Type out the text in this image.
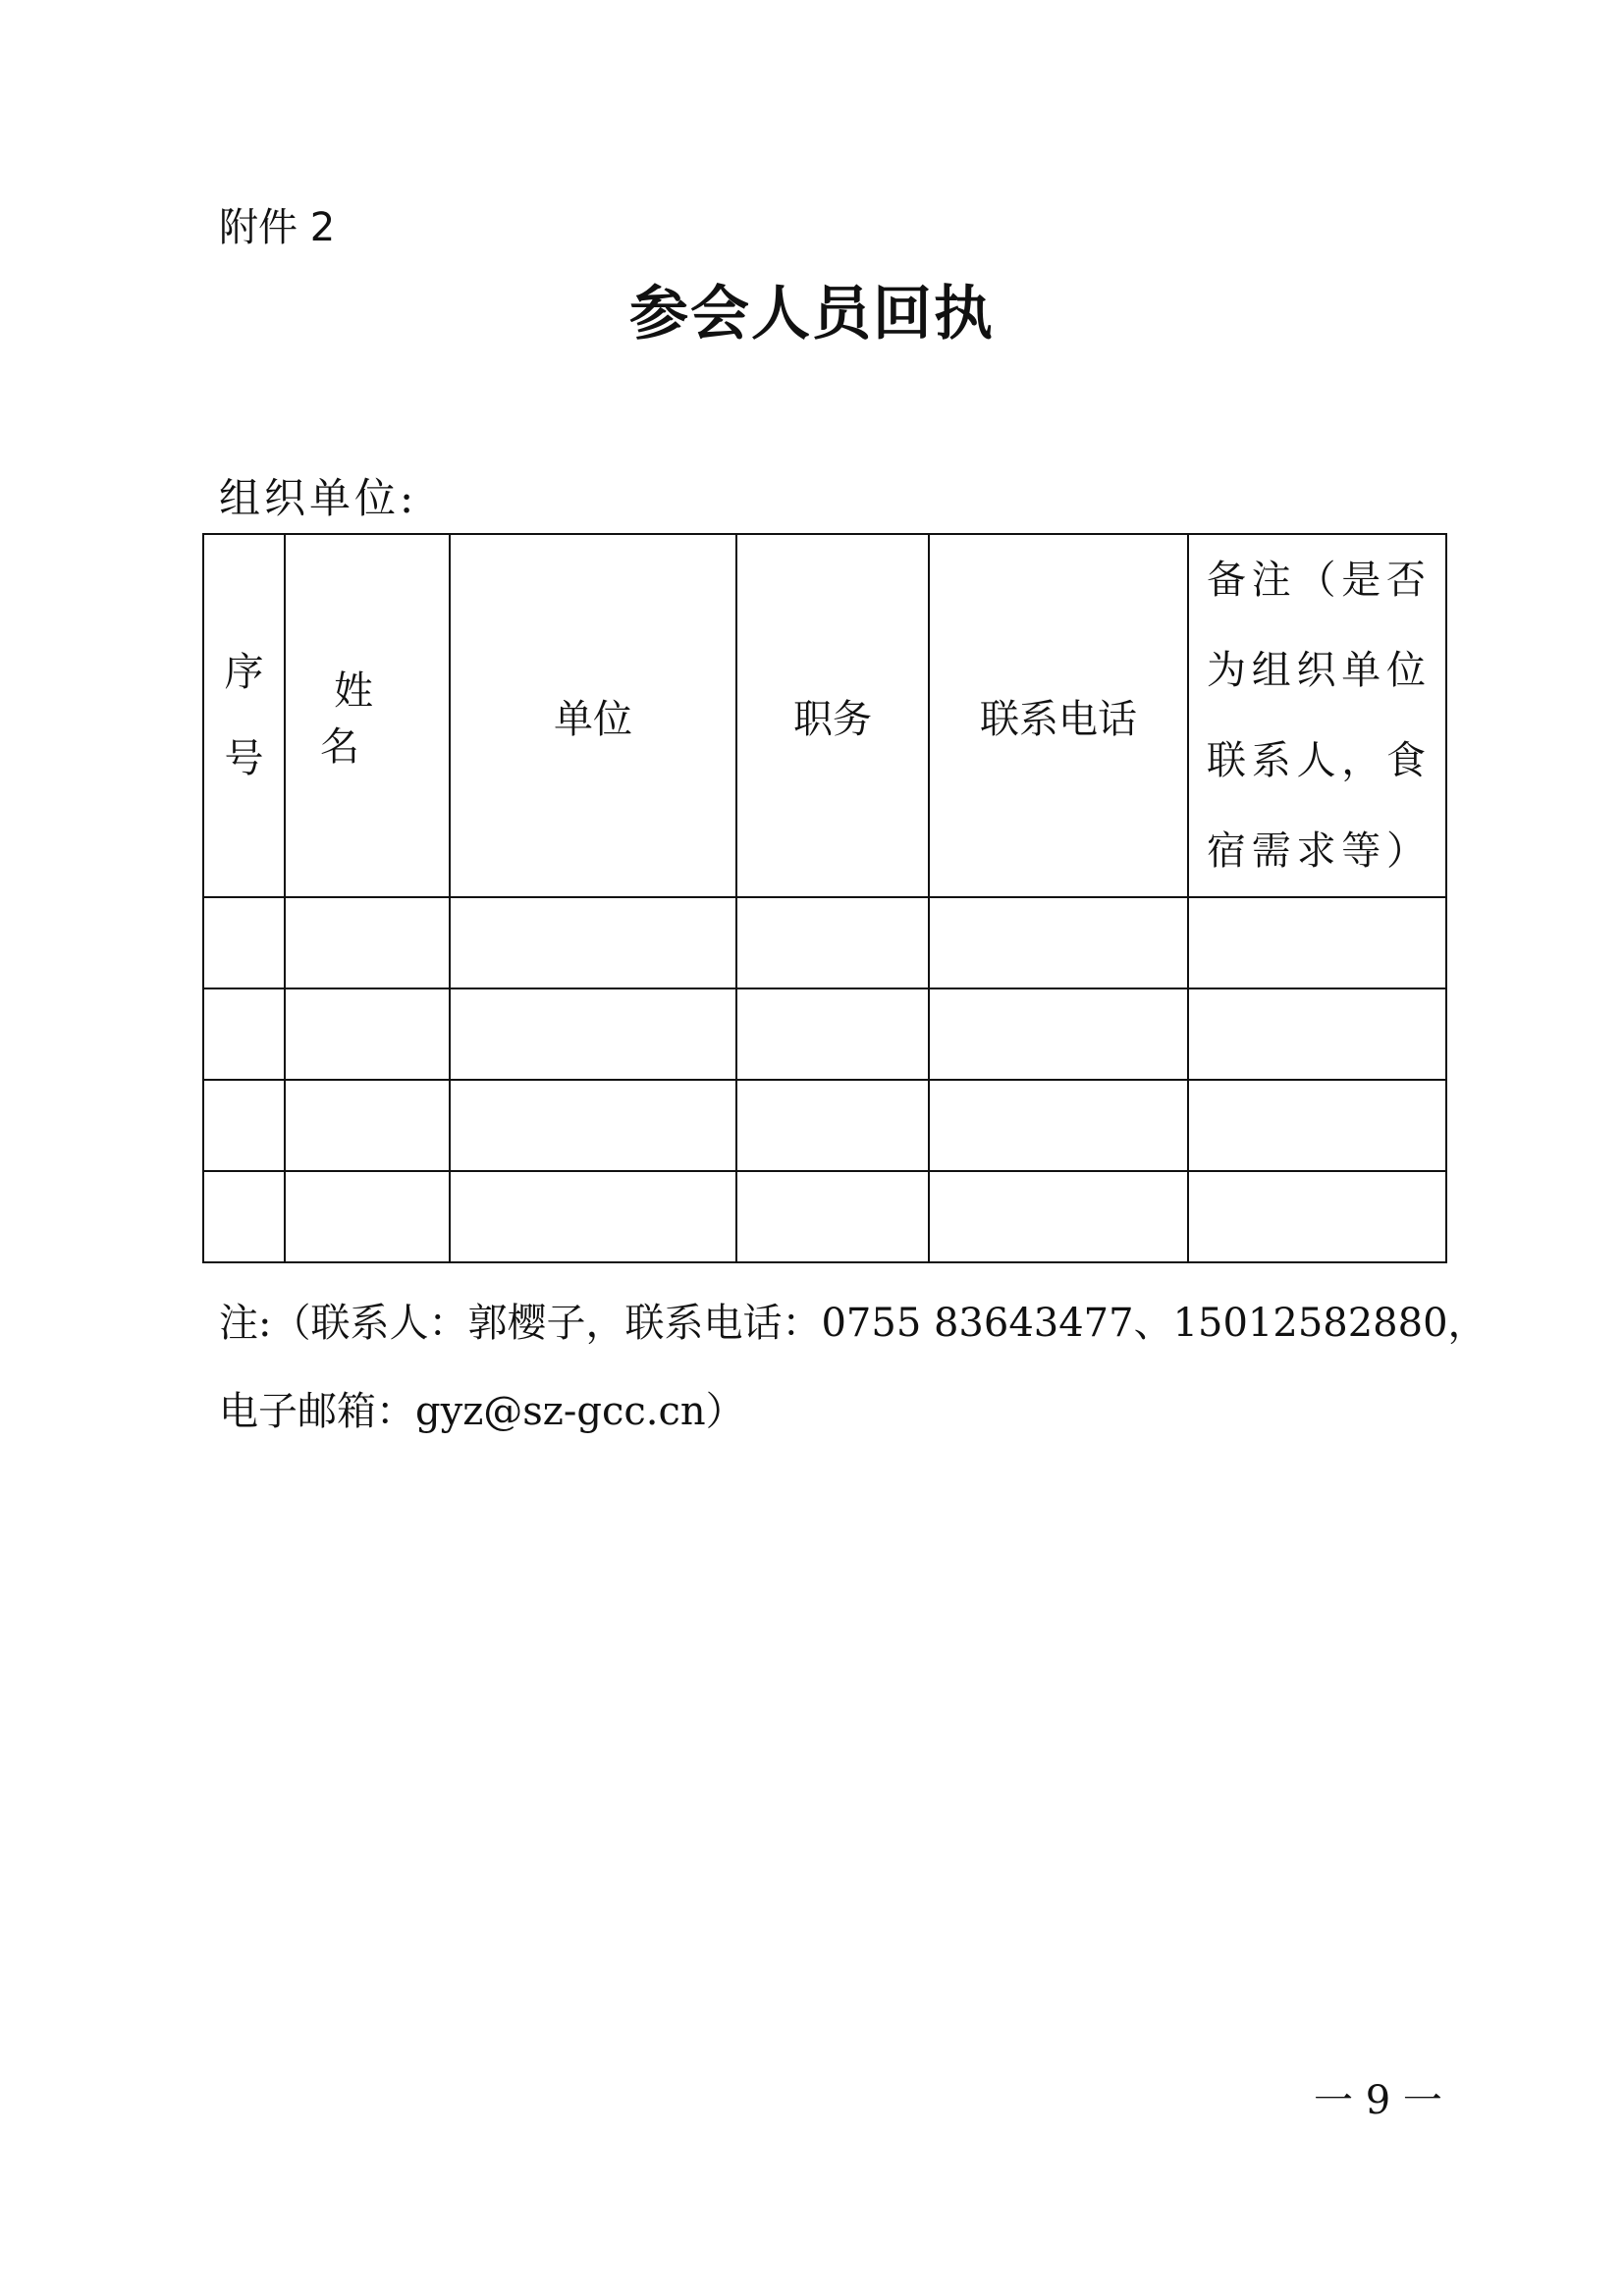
附件 2
参会人员回执
组织单位:
序号	姓 名	单位	职务	联系电话	备注（是否为组织单位联系人，食宿需求等）

注:（联系人：郭樱子，联系电话：0755 83643477、15012582880，
电子邮箱：gyz@sz-gcc.cn）
一 9 一
